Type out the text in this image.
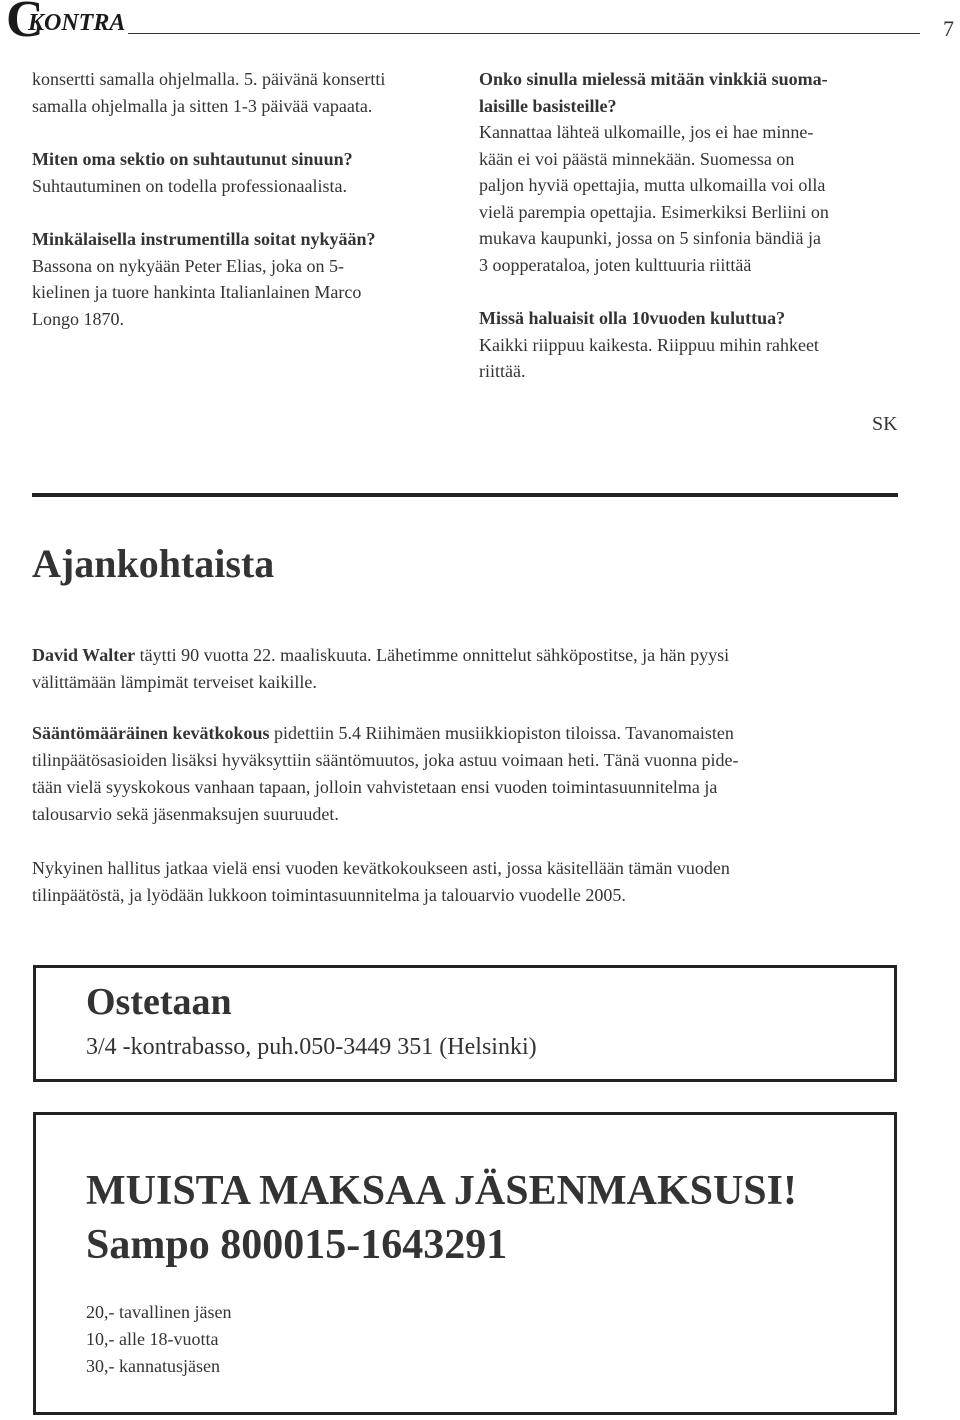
C
KONTRA	7

konsertti samalla ohjelmalla. 5. päivänä konsertti samalla ohjelmalla ja sitten 1-3 päivää vapaata.

Miten oma sektio on suhtautunut sinuun?

Suhtautuminen on todella professionaalista.

Minkälaisella instrumentilla soitat nykyään?

Bassona on nykyään Peter Elias, joka on 5-

kielinen ja tuore hankinta Italianlainen Marco

Longo 1870.

Onko sinulla mielessä mitään vinkkiä suoma-

laisille basisteille?

Kannattaa lähteä ulkomaille, jos ei hae minne-

kään ei voi päästä minnekään. Suomessa on

paljon hyviä opettajia, mutta ulkomailla voi olla

vielä parempia opettajia. Esimerkiksi Berliini on

mukava kaupunki, jossa on 5 sinfonia bändiä ja

3 oopperataloa, joten kulttuuria riittää

Missä haluaisit olla 10vuoden kuluttua?

Kaikki riippuu kaikesta. Riippuu mihin rahkeet

riittää.

SK
Ajankohtaista

David Walter täytti 90 vuotta 22. maaliskuuta. Lähetimme onnittelut sähköpostitse, ja hän pyysi
välittämään lämpimät terveiset kaikille.

Sääntömääräinen kevätkokous pidettiin 5.4 Riihimäen musiikkiopiston tiloissa. Tavanomaisten
tilinpäätösasioiden lisäksi hyväksyttiin sääntömuutos, joka astuu voimaan heti. Tänä vuonna pide-
tään vielä syyskokous vanhaan tapaan, jolloin vahvistetaan ensi vuoden toimintasuunnitelma ja
talousarvio sekä jäsenmaksujen suuruudet.

Nykyinen hallitus jatkaa vielä ensi vuoden kevätkokoukseen asti, jossa käsitellään tämän vuoden
tilinpäätöstä, ja lyödään lukkoon toimintasuunnitelma ja talouarvio vuodelle 2005.

Ostetaan

3/4 -kontrabasso, puh.050-3449 351 (Helsinki)

MUISTA MAKSAA JÄSENMAKSUSI!

Sampo 800015-1643291

20,- tavallinen jäsen
10,- alle 18-vuotta
30,- kannatusjäsen
